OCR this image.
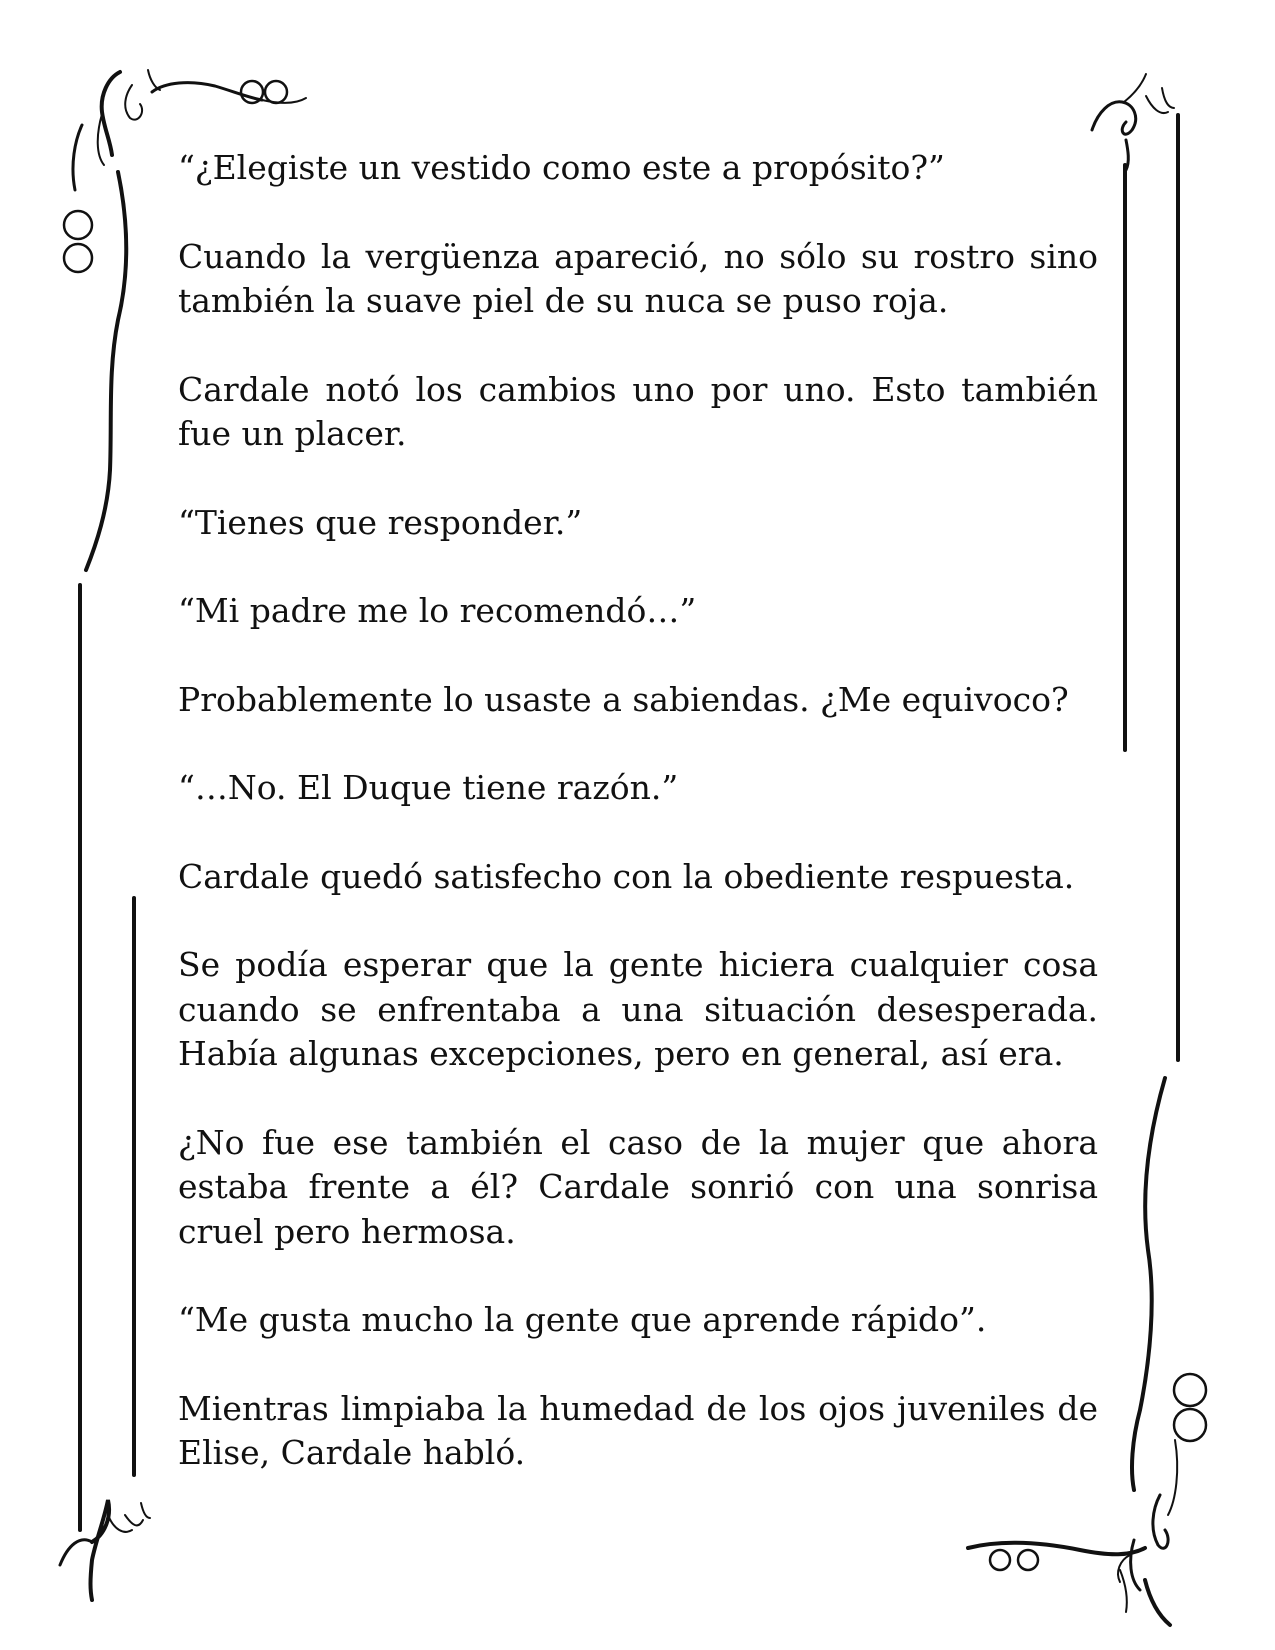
“¿Elegiste un vestido como este a propósito?”

Cuando la vergüenza apareció, no sólo su rostro sino también la suave piel de su nuca se puso roja.

Cardale notó los cambios uno por uno. Esto también fue un placer.

“Tienes que responder.”

“Mi padre me lo recomendó…”

Probablemente lo usaste a sabiendas. ¿Me equivoco?

“…No. El Duque tiene razón.”

Cardale quedó satisfecho con la obediente respuesta.

Se podía esperar que la gente hiciera cualquier cosa cuando se enfrentaba a una situación desesperada. Había algunas excepciones, pero en general, así era.

¿No fue ese también el caso de la mujer que ahora estaba frente a él? Cardale sonrió con una sonrisa cruel pero hermosa.

“Me gusta mucho la gente que aprende rápido”.

Mientras limpiaba la humedad de los ojos juveniles de Elise, Cardale habló.
